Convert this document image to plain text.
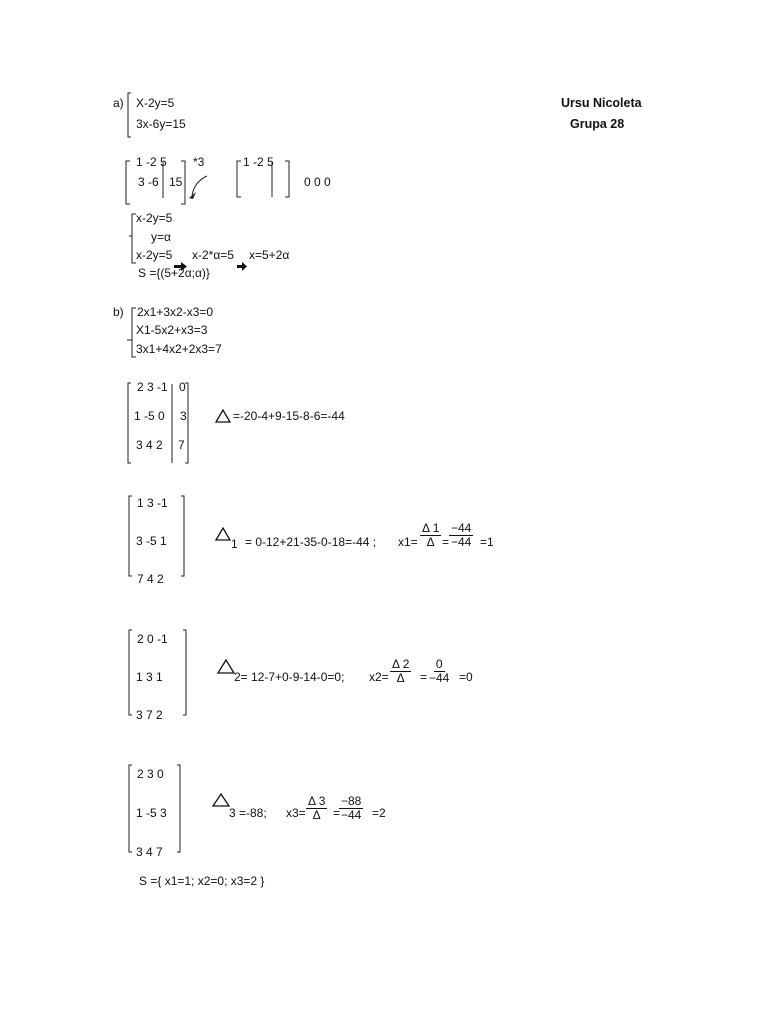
Ursu Nicoleta
Grupa 28
a) X-2y=5
3x-6y=15
1 -2 5 *3
3 -6 15
1 -2 5
0 0 0
x-2y=5
y=α
x-2y=5 x-2*α=5 x=5+2α
S ={(5+2α;α)}
b) 2x1+3x2-x3=0
X1-5x2+x3=3
3x1+4x2+2x3=7
2 3 -1 0
1 -5 0 3
3 4 2 7
=-20-4+9-15-8-6=-44
1 3 -1
3 -5 1
7 4 2
1 = 0-12+21-35-0-18=-44 ; $x1= \frac{\Delta 1}{\Delta} = \frac{-44}{-44} =1$
2 0 -1
1 3 1
3 7 2
2= 12-7+0-9-14-0=0; $x2= \frac{\Delta 2}{\Delta} = \frac{0}{-44} =0$
2 3 0
1 -5 3
3 4 7
3 =-88; $x3= \frac{\Delta 3}{\Delta}$ =
$\frac{-88}{-44} =2$
S ={ x1=1; x2=0; x3=2 }
